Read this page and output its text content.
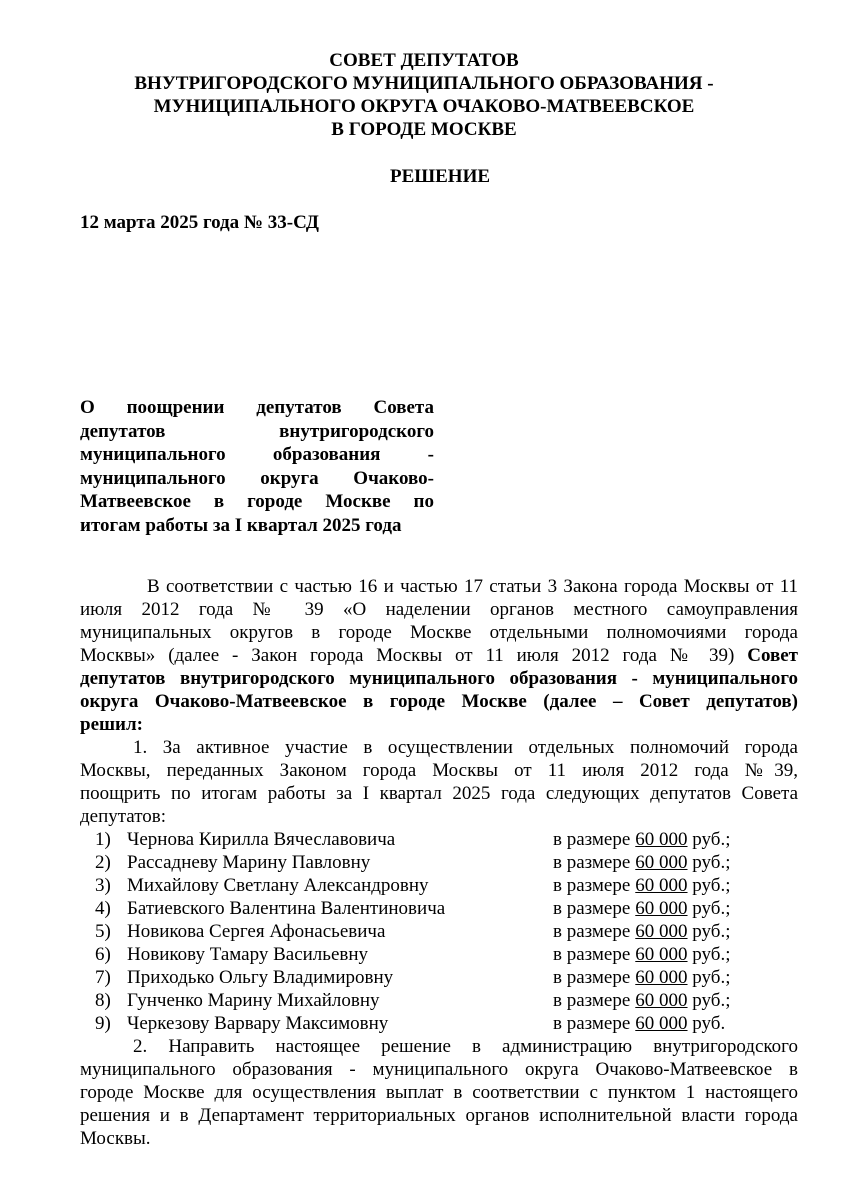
СОВЕТ ДЕПУТАТОВ
ВНУТРИГОРОДСКОГО МУНИЦИПАЛЬНОГО ОБРАЗОВАНИЯ -
МУНИЦИПАЛЬНОГО ОКРУГА ОЧАКОВО-МАТВЕЕВСКОЕ
В ГОРОДЕ МОСКВЕ
РЕШЕНИЕ
12 марта 2025 года № 33-СД
О поощрении депутатов Совета
депутатов внутригородского
муниципального образования -
муниципального округа Очаково-
Матвеевское в городе Москве по
итогам работы за I квартал 2025 года
В соответствии с частью 16 и частью 17 статьи 3 Закона города Москвы от 11
июля 2012 года № 39 «О наделении органов местного самоуправления
муниципальных округов в городе Москве отдельными полномочиями города
Москвы» (далее - Закон города Москвы от 11 июля 2012 года № 39) Совет
депутатов внутригородского муниципального образования - муниципального
округа Очаково-Матвеевское в городе Москве (далее – Совет депутатов)
решил:
1. За активное участие в осуществлении отдельных полномочий города
Москвы, переданных Законом города Москвы от 11 июля 2012 года №39,
поощрить по итогам работы за I квартал 2025 года следующих депутатов Совета
депутатов:
1) Чернова Кирилла Вячеславовича	в размере 60 000 руб.;
2) Рассадневу Марину Павловну	в размере 60 000 руб.;
3) Михайлову Светлану Александровну	в размере 60 000 руб.;
4) Батиевского Валентина Валентиновича	в размере 60 000 руб.;
5) Новикова Сергея Афонасьевича	в размере 60 000 руб.;
6) Новикову Тамару Васильевну	в размере 60 000 руб.;
7) Приходько Ольгу Владимировну	в размере 60 000 руб.;
8) Гунченко Марину Михайловну	в размере 60 000 руб.;
9) Черкезову Варвару Максимовну	в размере 60 000 руб.
2. Направить настоящее решение в администрацию внутригородского
муниципального образования - муниципального округа Очаково-Матвеевское в
городе Москве для осуществления выплат в соответствии с пунктом 1 настоящего
решения и в Департамент территориальных органов исполнительной власти города
Москвы.
